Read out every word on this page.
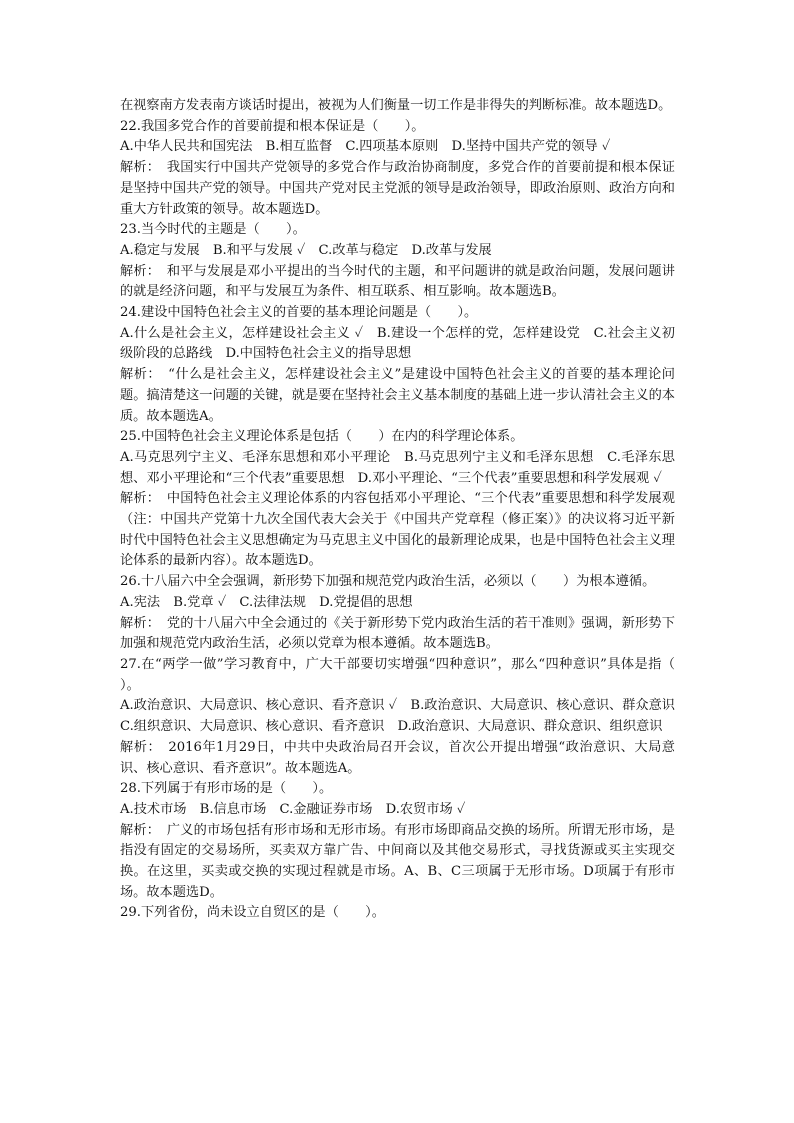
在视察南方发表南方谈话时提出，被视为人们衡量一切工作是非得失的判断标准。故本题选D。

22.我国多党合作的首要前提和根本保证是（　　）。

A.中华人民共和国宪法　B.相互监督　C.四项基本原则　D.坚持中国共产党的领导 ✓

解析：　我国实行中国共产党领导的多党合作与政治协商制度，多党合作的首要前提和根本保证是坚持中国共产党的领导。中国共产党对民主党派的领导是政治领导，即政治原则、政治方向和重大方针政策的领导。故本题选D。

23.当今时代的主题是（　　）。

A.稳定与发展　B.和平与发展 ✓　C.改革与稳定　D.改革与发展

解析：　和平与发展是邓小平提出的当今时代的主题，和平问题讲的就是政治问题，发展问题讲的就是经济问题，和平与发展互为条件、相互联系、相互影响。故本题选B。

24.建设中国特色社会主义的首要的基本理论问题是（　　）。

A.什么是社会主义，怎样建设社会主义 ✓　B.建设一个怎样的党，怎样建设党　C.社会主义初级阶段的总路线　D.中国特色社会主义的指导思想

解析：　“什么是社会主义，怎样建设社会主义”是建设中国特色社会主义的首要的基本理论问题。搞清楚这一问题的关键，就是要在坚持社会主义基本制度的基础上进一步认清社会主义的本质。故本题选A。

25.中国特色社会主义理论体系是包括（　　）在内的科学理论体系。

A.马克思列宁主义、毛泽东思想和邓小平理论　B.马克思列宁主义和毛泽东思想　C.毛泽东思想、邓小平理论和“三个代表”重要思想　D.邓小平理论、“三个代表”重要思想和科学发展观 ✓

解析：　中国特色社会主义理论体系的内容包括邓小平理论、“三个代表”重要思想和科学发展观（注：中国共产党第十九次全国代表大会关于《中国共产党章程（修正案）》的决议将习近平新时代中国特色社会主义思想确定为马克思主义中国化的最新理论成果，也是中国特色社会主义理论体系的最新内容）。故本题选D。

26.十八届六中全会强调，新形势下加强和规范党内政治生活，必须以（　　）为根本遵循。

A.宪法　B.党章 ✓　C.法律法规　D.党提倡的思想

解析：　党的十八届六中全会通过的《关于新形势下党内政治生活的若干准则》强调，新形势下加强和规范党内政治生活，必须以党章为根本遵循。故本题选B。

27.在“两学一做”学习教育中，广大干部要切实增强“四种意识”，那么“四种意识”具体是指（　　）。

A.政治意识、大局意识、核心意识、看齐意识 ✓　B.政治意识、大局意识、核心意识、群众意识　C.组织意识、大局意识、核心意识、看齐意识　D.政治意识、大局意识、群众意识、组织意识

解析：　2016年1月29日，中共中央政治局召开会议，首次公开提出增强“政治意识、大局意识、核心意识、看齐意识”。故本题选A。

28.下列属于有形市场的是（　　）。

A.技术市场　B.信息市场　C.金融证券市场　D.农贸市场 ✓

解析：　广义的市场包括有形市场和无形市场。有形市场即商品交换的场所。所谓无形市场，是指没有固定的交易场所，买卖双方靠广告、中间商以及其他交易形式，寻找货源或买主实现交换。在这里，买卖或交换的实现过程就是市场。A、B、C三项属于无形市场。D项属于有形市场。故本题选D。

29.下列省份，尚未设立自贸区的是（　　）。
